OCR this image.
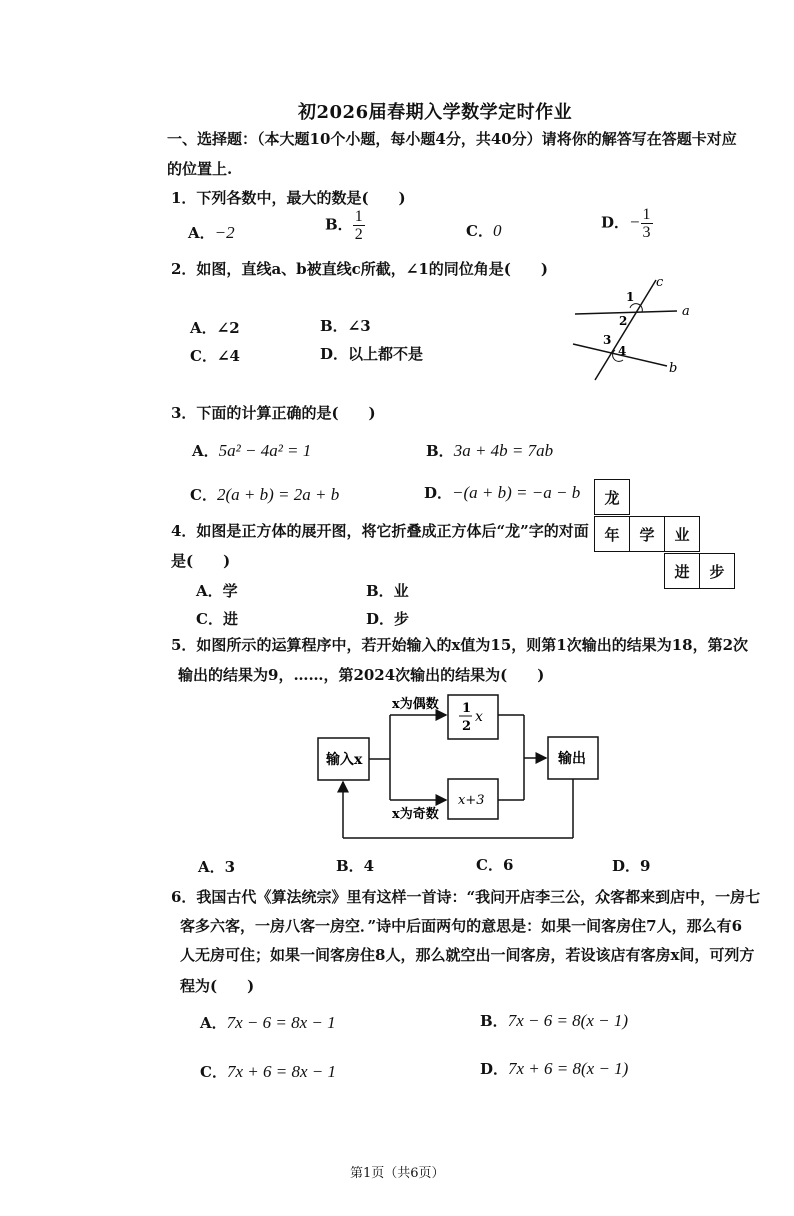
初2026届春期入学数学定时作业
一、选择题：（本大题10个小题，每小题4分，共40分）请将你的解答写在答题卡对应
的位置上.
1．下列各数中，最大的数是(　　)
A．−2	B． $\frac{1}{2}$	C．0	D．− $\frac{1}{3}$
2．如图，直线a、b被直线c所截，∠1的同位角是(　　)
A．∠2	B．∠3
C．∠4	D．以上都不是
c
a
b
1
2
3
4
3．下面的计算正确的是(　　)
A．5a² − 4a² = 1	B．3a + 4b = 7ab
C．2(a + b) = 2a + b	D．−(a + b) = −a − b
4．如图是正方体的展开图，将它折叠成正方体后“龙”字的对面
是(　　)
A．学	B．业
C．进	D．步
龙
年	学	业
进	步
5．如图所示的运算程序中，若开始输入的x值为15，则第1次输出的结果为18，第2次
输出的结果为9，……，第2024次输出的结果为(　　)
输入x
x为偶数
x为奇数
1
2
x
x+3
输出
A．3	B．4	C．6	D．9
6．我国古代《算法统宗》里有这样一首诗：“我问开店李三公，众客都来到店中，一房七
客多六客，一房八客一房空．”诗中后面两句的意思是：如果一间客房住7人，那么有6
人无房可住；如果一间客房住8人，那么就空出一间客房，若设该店有客房x间，可列方
程为(　　)
A．7x − 6 = 8x − 1	B．7x − 6 = 8(x − 1)
C．7x + 6 = 8x − 1	D．7x + 6 = 8(x − 1)
第1页（共6页）
